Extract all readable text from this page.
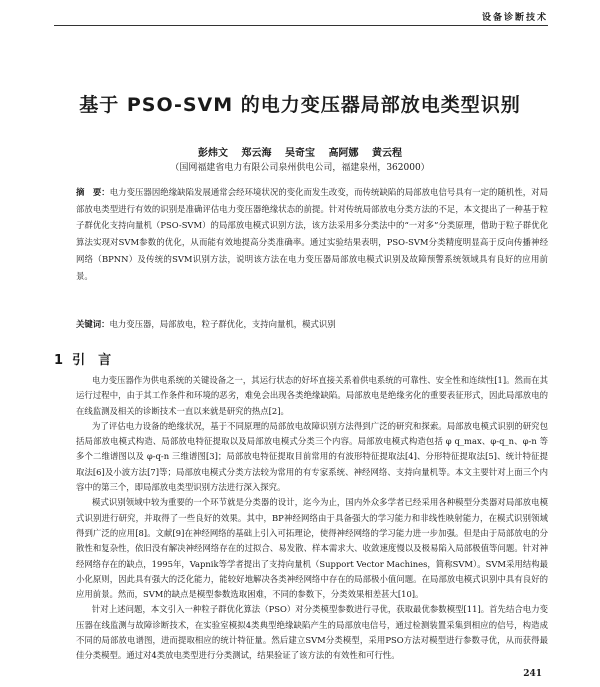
设备诊断技术
基于 PSO-SVM 的电力变压器局部放电类型识别
彭炜文 郑云海 吴奇宝 高阿娜 黄云程
（国网福建省电力有限公司泉州供电公司，福建泉州，362000）
摘　要：电力变压器因绝缘缺陷发展通常会经环境状况的变化而发生改变，而传统缺陷的局部放电信号具有一定的随机性，对局部放电类型进行有效的识别是准确评估电力变压器绝缘状态的前提。针对传统局部放电分类方法的不足，本文提出了一种基于粒子群优化支持向量机（PSO-SVM）的局部放电模式识别方法，该方法采用多分类法中的“一对多”分类原理，借助于粒子群优化算法实现对SVM参数的优化，从而能有效地提高分类准确率。通过实验结果表明，PSO-SVM分类精度明显高于反向传播神经网络（BPNN）及传统的SVM识别方法，说明该方法在电力变压器局部放电模式识别及故障预警系统领域具有良好的应用前景。
关键词：电力变压器，局部放电，粒子群优化，支持向量机，模式识别
1 引　言

电力变压器作为供电系统的关键设备之一，其运行状态的好坏直接关系着供电系统的可靠性、安全性和连续性[1]。然而在其运行过程中，由于其工作条件和环境的恶劣，难免会出现各类绝缘缺陷。局部放电是绝缘劣化的重要表征形式，因此局部放电的在线监测及相关的诊断技术一直以来就是研究的热点[2]。

为了评估电力设备的绝缘状况，基于不同原理的局部放电故障识别方法得到广泛的研究和探索。局部放电模式识别的研究包括局部放电模式构造、局部放电特征提取以及局部放电模式分类三个内容。局部放电模式构造包括 φ q_max、φ-q_n、φ-n 等多个二维谱图以及 φ-q-n 三维谱图[3]；局部放电特征提取目前常用的有波形特征提取法[4]、分形特征提取法[5]、统计特征提取法[6]及小波方法[7]等；局部放电模式分类方法较为常用的有专家系统、神经网络、支持向量机等。本文主要针对上面三个内容中的第三个，即局部放电类型识别方法进行深入探究。

模式识别领域中较为重要的一个环节就是分类器的设计，迄今为止，国内外众多学者已经采用各种模型分类器对局部放电模式识别进行研究，并取得了一些良好的效果。其中，BP神经网络由于具备强大的学习能力和非线性映射能力，在模式识别领域得到广泛的应用[8]。文献[9]在神经网络的基础上引入可拓理论，使得神经网络的学习能力进一步加强。但是由于局部放电的分散性和复杂性，依旧没有解决神经网络存在的过拟合、易发散、样本需求大、收敛速度慢以及极易陷入局部极值等问题。针对神经网络存在的缺点，1995年，Vapnik等学者提出了支持向量机（Support Vector Machines，简称SVM）。SVM采用结构最小化原则，因此具有强大的泛化能力，能较好地解决各类神经网络中存在的局部极小值问题。在局部放电模式识别中具有良好的应用前景。然而，SVM的缺点是模型参数选取困难，不同的参数下，分类效果相差甚大[10]。

针对上述问题，本文引入一种粒子群优化算法（PSO）对分类模型参数进行寻优，获取最优参数模型[11]。首先结合电力变压器在线监测与故障诊断技术，在实验室模拟4类典型绝缘缺陷产生的局部放电信号，通过检测装置采集到相应的信号，构造成不同的局部放电谱图，进而提取相应的统计特征量。然后建立SVM分类模型，采用PSO方法对模型进行参数寻优，从而获得最佳分类模型。通过对4类放电类型进行分类测试，结果验证了该方法的有效性和可行性。

241
